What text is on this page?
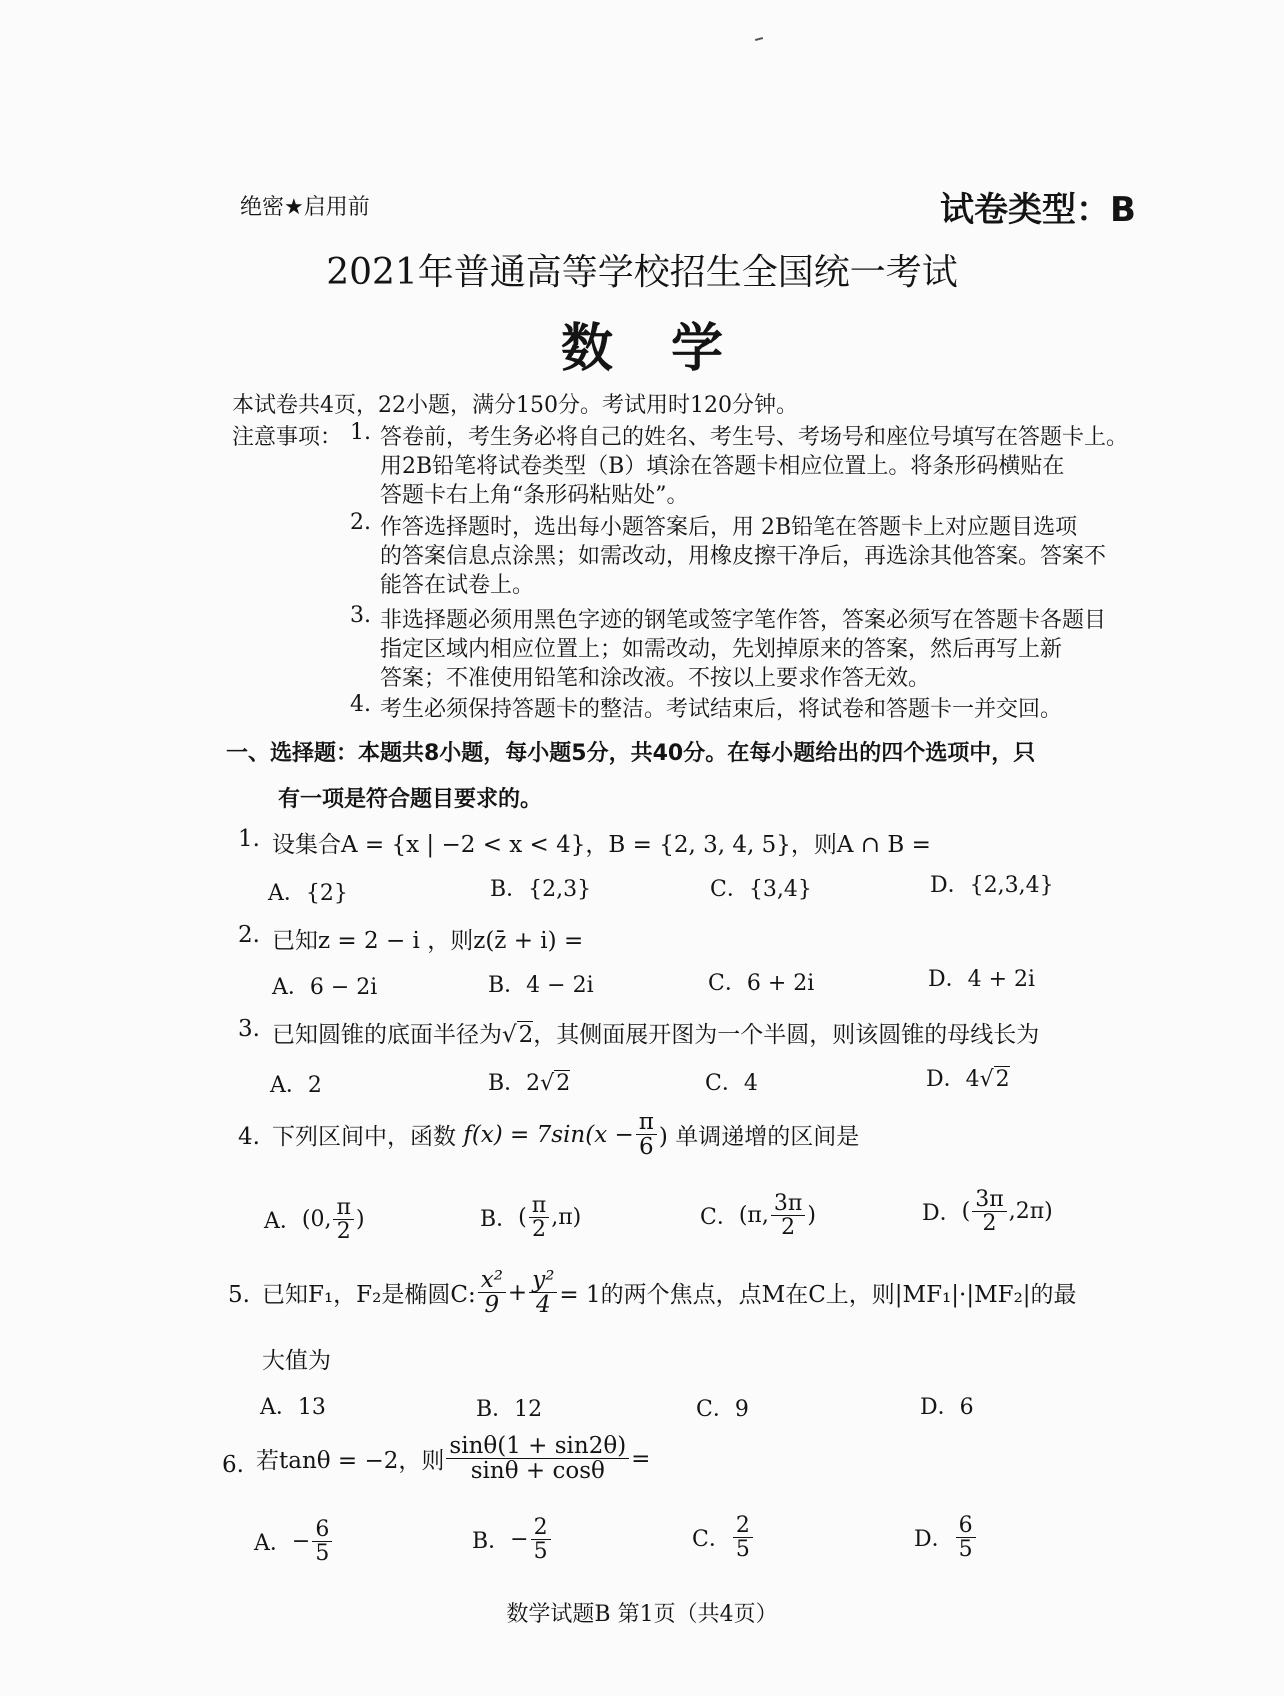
绝密★启用前	试卷类型：B
2021年普通高等学校招生全国统一考试
数学
本试卷共4页，22小题，满分150分。考试用时120分钟。
注意事项： 1. 答卷前，考生务必将自己的姓名、考生号、考场号和座位号填写在答题卡上。
用2B铅笔将试卷类型（B）填涂在答题卡相应位置上。将条形码横贴在
答题卡右上角“条形码粘贴处”。
2. 作答选择题时，选出每小题答案后，用 2B铅笔在答题卡上对应题目选项
的答案信息点涂黑；如需改动，用橡皮擦干净后，再选涂其他答案。答案不
能答在试卷上。
3. 非选择题必须用黑色字迹的钢笔或签字笔作答，答案必须写在答题卡各题目
指定区域内相应位置上；如需改动，先划掉原来的答案，然后再写上新
答案；不准使用铅笔和涂改液。不按以上要求作答无效。
4. 考生必须保持答题卡的整洁。考试结束后，将试卷和答题卡一并交回。
一、选择题：本题共8小题，每小题5分，共40分。在每小题给出的四个选项中，只
有一项是符合题目要求的。
1. 设集合A = {x | −2 < x < 4}，B = {2, 3, 4, 5}，则A ∩ B =
A．{2}	B．{2,3}	C．{3,4}	D．{2,3,4}
2. 已知z = 2 − i ，则z(z̄ + i) =
A．6 − 2i	B．4 − 2i	C．6 + 2i	D．4 + 2i
3. 已知圆锥的底面半径为√2，其侧面展开图为一个半圆，则该圆锥的母线长为
A．2	B．2√2	C．4	D．4√2
4. 下列区间中，函数
$f(x) = 7\sin(x - \frac{\pi}{6}$ ) 单调递增的区间是
A． (0, $\frac{\pi}{2}$ )	B． ( $\frac{\pi}{2} ,\pi$)	C． (π, $\frac{3\pi}{2}$ )	D． ( $\frac{3\pi}{2} ,2\pi$)
5. 已知F₁，F₂是椭圆C: $\frac{\text{x²}}{9} + \frac{\text{y²}}{4} = 1$的两个焦点，点M在C上，则|MF₁|·|MF₂|的最
大值为
A．13	B．12	C．9	D．6
6. 若tanθ = −2，则 $\frac{\sin\theta(1 + \sin 2\theta)}{\sin\theta + \cos\theta}$ =
A． − $\frac{6}{5}$	B． − $\frac{2}{5}$	C． $\frac{2}{5}$	D． $\frac{6}{5}$
数学试题B 第1页（共4页）
